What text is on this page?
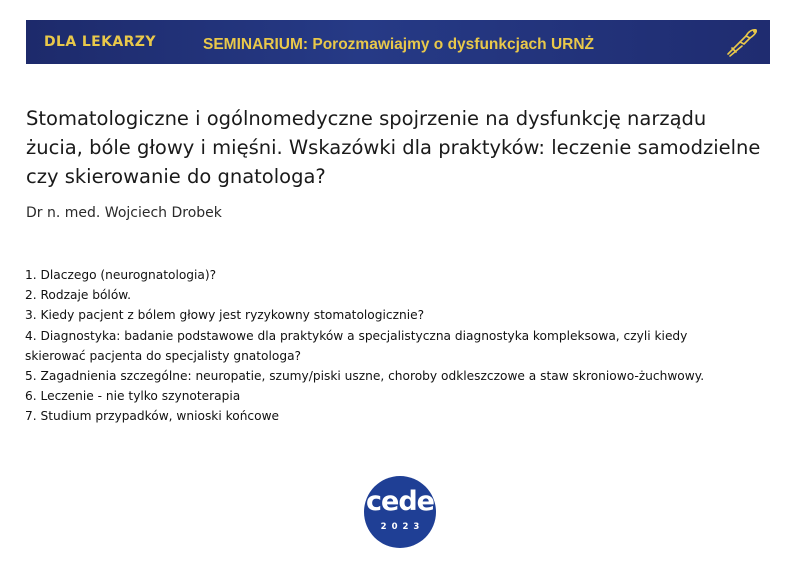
DLA LEKARZY	SEMINARIUM: Porozmawiajmy o dysfunkcjach URNŻ
Stomatologiczne i ogólnomedyczne spojrzenie na dysfunkcję narządu żucia, bóle głowy i mięśni. Wskazówki dla praktyków: leczenie samodzielne czy skierowanie do gnatologa?
Dr n. med. Wojciech Drobek
1. Dlaczego (neurognatologia)?
2. Rodzaje bólów.
3. Kiedy pacjent z bólem głowy jest ryzykowny stomatologicznie?
4. Diagnostyka: badanie podstawowe dla praktyków a specjalistyczna diagnostyka kompleksowa, czyli kiedy skierować pacjenta do specjalisty gnatologa?
5. Zagadnienia szczególne: neuropatie, szumy/piski uszne, choroby odkleszczowe a staw skroniowo-żuchwowy.
6. Leczenie - nie tylko szynoterapia
7. Studium przypadków, wnioski końcowe
cede
2023
